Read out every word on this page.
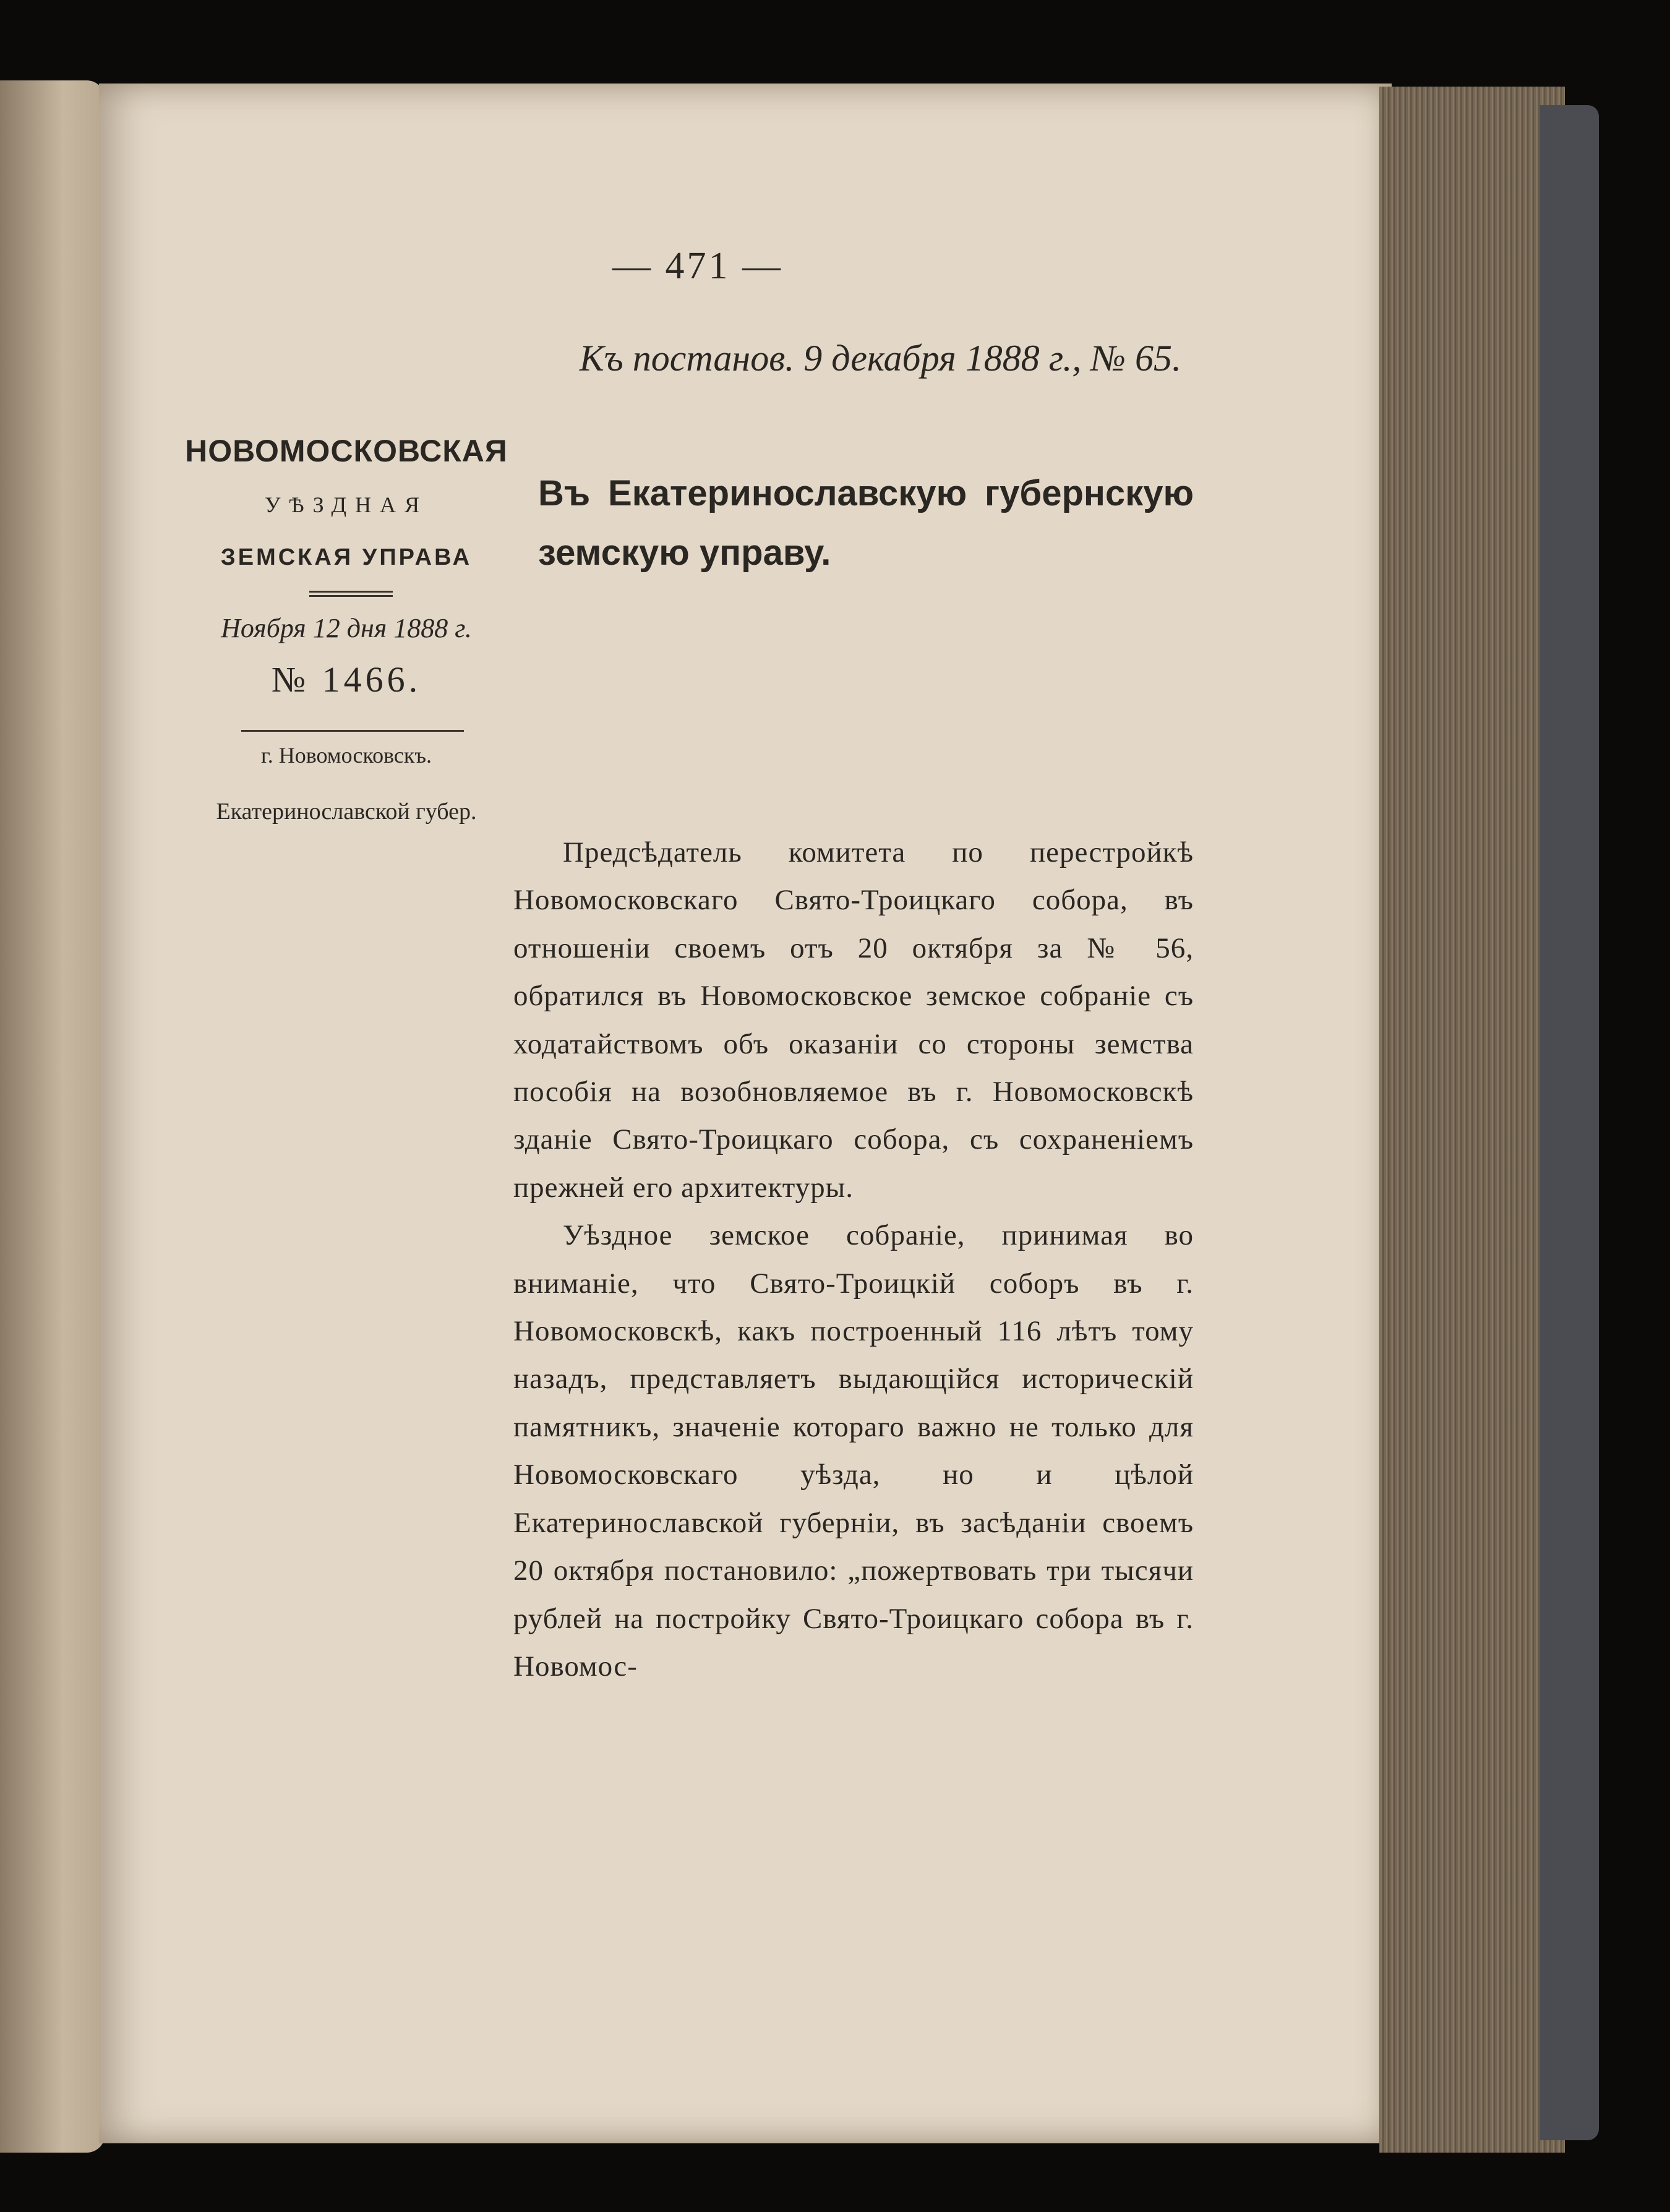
— 471 —
Къ постанов. 9 декабря 1888 г., № 65.
НОВОМОСКОВСКАЯ
УѢЗДНАЯ
ЗЕМСКАЯ УПРАВА
Ноября 12 дня 1888 г.
№ 1466.
г. Новомосковскъ.
Екатеринославской губер.
Въ Екатеринославскую губернскую земскую управу.

Предсѣдатель комитета по перестройкѣ Новомосковскаго Свято-Троицкаго собора, въ отношеніи своемъ отъ 20 октября за № 56, обратился въ Новомосковское земское собраніе съ ходатайствомъ объ оказаніи со стороны земства пособія на возобновляемое въ г. Новомосковскѣ зданіе Свято-Троицкаго собора, съ сохраненіемъ прежней его архитектуры.

Уѣздное земское собраніе, принимая во вниманіе, что Свято-Троицкій соборъ въ г. Новомосковскѣ, какъ построенный 116 лѣтъ тому назадъ, представляетъ выдающійся историческій памятникъ, значеніе котораго важно не только для Новомосковскаго уѣзда, но и цѣлой Екатеринославской губерніи, въ засѣданіи своемъ 20 октября постановило: „пожертвовать три тысячи рублей на постройку Свято-Троицкаго собора въ г. Новомос-
